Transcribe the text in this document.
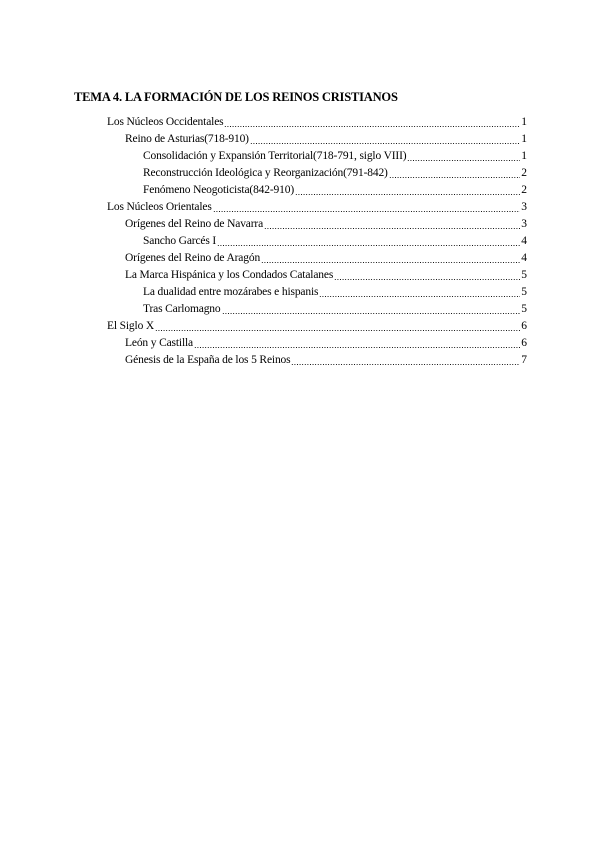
TEMA 4. LA FORMACIÓN DE LOS REINOS CRISTIANOS
Los Núcleos Occidentales	1
Reino de Asturias(718-910)	1
Consolidación y Expansión Territorial(718-791, siglo VIII)	1
Reconstrucción Ideológica y Reorganización(791-842)	2
Fenómeno Neogoticista(842-910)	2
Los Núcleos Orientales	3
Orígenes del Reino de Navarra	3
Sancho Garcés I	4
Orígenes del Reino de Aragón	4
La Marca Hispánica y los Condados Catalanes	5
La dualidad entre mozárabes e hispanis	5
Tras Carlomagno	5
El Siglo X	6
León y Castilla	6
Génesis de la España de los 5 Reinos	7
